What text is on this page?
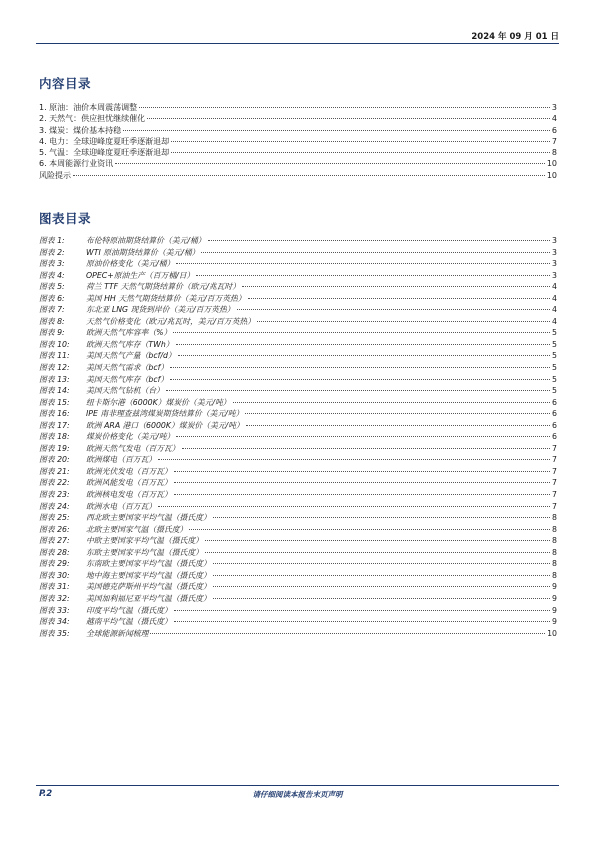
2024 年 09 月 01 日
内容目录
1. 原油：油价本周震荡调整	3
2. 天然气：供应担忧继续催化	4
3. 煤炭：煤价基本持稳	6
4. 电力：全球迎峰度夏旺季逐渐退却	7
5. 气温：全球迎峰度夏旺季逐渐退却	8
6. 本周能源行业资讯	10
风险提示	10
图表目录
图表 1:	布伦特原油期货结算价（美元/桶）	3
图表 2:	WTI 原油期货结算价（美元/桶）	3
图表 3:	原油价格变化（美元/桶）	3
图表 4:	OPEC+原油生产（百万桶/日）	3
图表 5:	荷兰 TTF 天然气期货结算价（欧元/兆瓦时）	4
图表 6:	美国 HH 天然气期货结算价（美元/百万英热）	4
图表 7:	东北亚 LNG 现货到岸价（美元/百万英热）	4
图表 8:	天然气价格变化（欧元/兆瓦时，美元/百万英热）	4
图表 9:	欧洲天然气库容率（%）	5
图表 10:	欧洲天然气库存（TWh）	5
图表 11:	美国天然气产量（bcf/d）	5
图表 12:	美国天然气需求（bcf）	5
图表 13:	美国天然气库存（bcf）	5
图表 14:	美国天然气钻机（台）	5
图表 15:	纽卡斯尔港（6000K）煤炭价（美元/吨）	6
图表 16:	IPE 南非理查兹湾煤炭期货结算价（美元/吨）	6
图表 17:	欧洲 ARA 港口（6000K）煤炭价（美元/吨）	6
图表 18:	煤炭价格变化（美元/吨）	6
图表 19:	欧洲天然气发电（百万瓦）	7
图表 20:	欧洲煤电（百万瓦）	7
图表 21:	欧洲光伏发电（百万瓦）	7
图表 22:	欧洲风能发电（百万瓦）	7
图表 23:	欧洲核电发电（百万瓦）	7
图表 24:	欧洲水电（百万瓦）	7
图表 25:	西北欧主要国家平均气温（摄氏度）	8
图表 26:	北欧主要国家气温（摄氏度）	8
图表 27:	中欧主要国家平均气温（摄氏度）	8
图表 28:	东欧主要国家平均气温（摄氏度）	8
图表 29:	东南欧主要国家平均气温（摄氏度）	8
图表 30:	地中海主要国家平均气温（摄氏度）	8
图表 31:	美国德克萨斯州平均气温（摄氏度）	9
图表 32:	美国加利福尼亚平均气温（摄氏度）	9
图表 33:	印度平均气温（摄氏度）	9
图表 34:	越南平均气温（摄氏度）	9
图表 35:	全球能源新闻梳理	10
P.2	请仔细阅读本报告末页声明
